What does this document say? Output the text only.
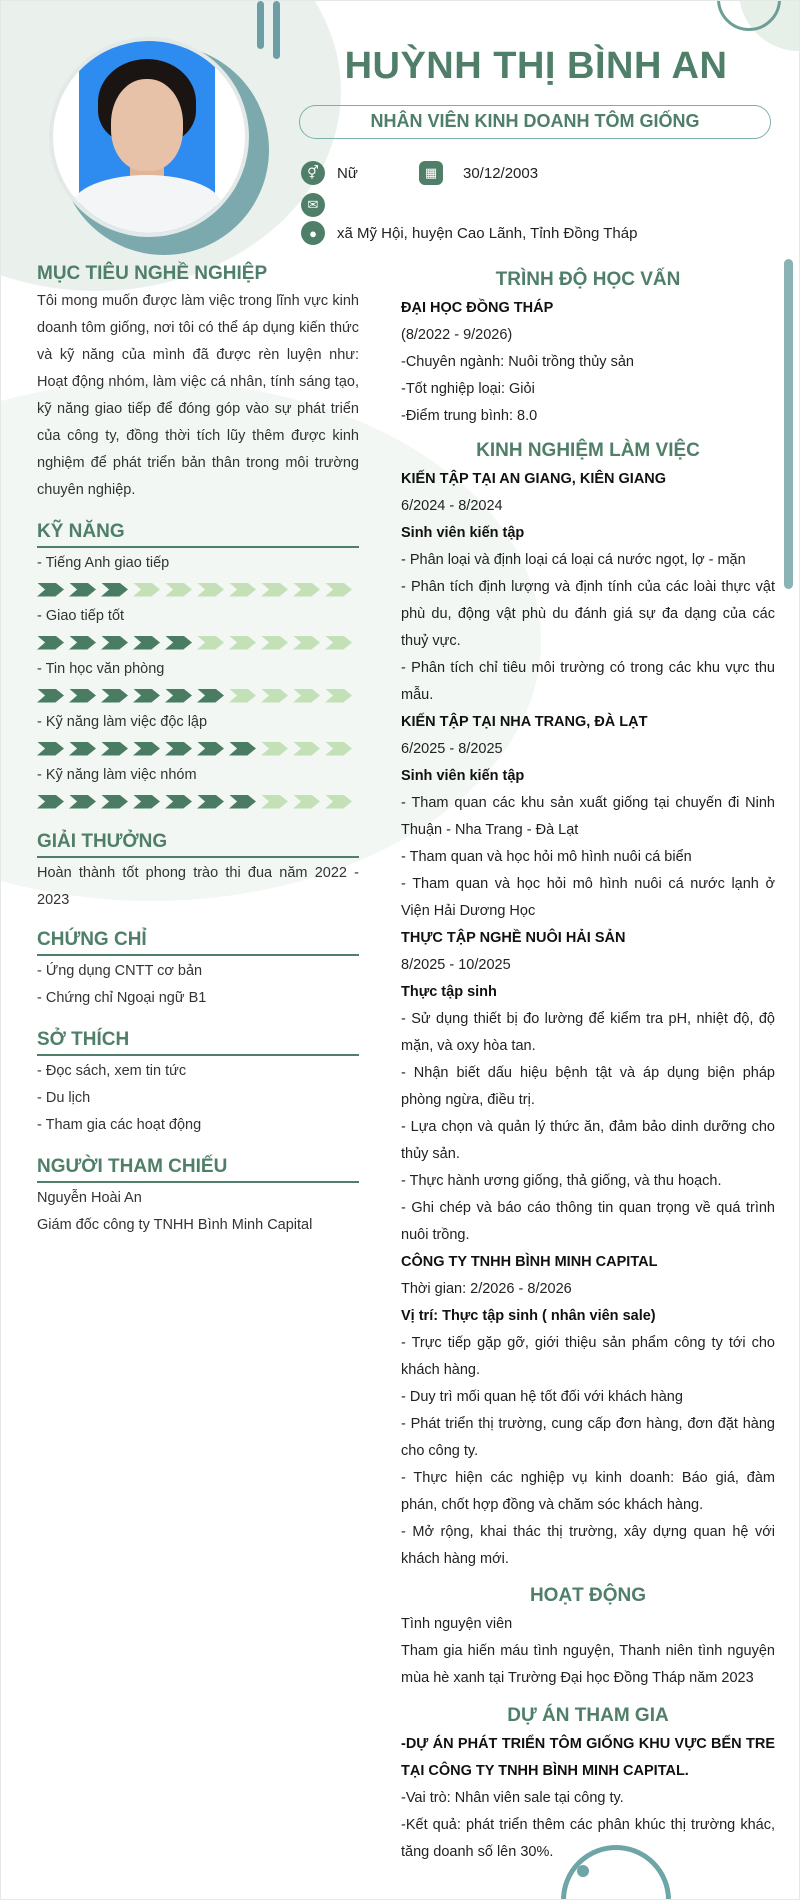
HUỲNH THỊ BÌNH AN
NHÂN VIÊN KINH DOANH TÔM GIỐNG
⚥	Nữ	▦	30/12/2003
✉
●	xã Mỹ Hội, huyện Cao Lãnh, Tỉnh Đồng Tháp
MỤC TIÊU NGHỀ NGHIỆP
Tôi mong muốn được làm việc trong lĩnh vực kinh doanh tôm giống, nơi tôi có thể áp dụng kiến thức và kỹ năng của mình đã được rèn luyện như: Hoạt động nhóm, làm việc cá nhân, tính sáng tạo, kỹ năng giao tiếp để đóng góp vào sự phát triển của công ty, đồng thời tích lũy thêm được kinh nghiệm để phát triển bản thân trong môi trường chuyên nghiệp.
KỸ NĂNG
- Tiếng Anh giao tiếp
- Giao tiếp tốt
- Tin học văn phòng
- Kỹ năng làm việc độc lập
- Kỹ năng làm việc nhóm
GIẢI THƯỞNG
Hoàn thành tốt phong trào thi đua năm 2022 - 2023
CHỨNG CHỈ
- Ứng dụng CNTT cơ bản
- Chứng chỉ Ngoại ngữ B1
SỞ THÍCH
- Đọc sách, xem tin tức
- Du lịch
- Tham gia các hoạt động
NGƯỜI THAM CHIẾU
Nguyễn Hoài An
Giám đốc công ty TNHH Bình Minh Capital
TRÌNH ĐỘ HỌC VẤN
ĐẠI HỌC ĐỒNG THÁP
(8/2022 - 9/2026)
-Chuyên ngành: Nuôi trồng thủy sản
-Tốt nghiệp loại: Giỏi
-Điểm trung bình: 8.0
KINH NGHIỆM LÀM VIỆC
KIẾN TẬP TẠI AN GIANG, KIÊN GIANG
6/2024 - 8/2024
Sinh viên kiến tập
- Phân loại và định loại cá loại cá nước ngọt, lợ - mặn
- Phân tích định lượng và định tính của các loài thực vật phù du, động vật phù du đánh giá sự đa dạng của các thuỷ vực.
- Phân tích chỉ tiêu môi trường có trong các khu vực thu mẫu.
KIẾN TẬP TẠI NHA TRANG, ĐÀ LẠT
6/2025 - 8/2025
Sinh viên kiến tập
- Tham quan các khu sản xuất giống tại chuyến đi Ninh Thuận - Nha Trang - Đà Lạt
- Tham quan và học hỏi mô hình nuôi cá biển
- Tham quan và học hỏi mô hình nuôi cá nước lạnh ở Viện Hải Dương Học
THỰC TẬP NGHỀ NUÔI HẢI SẢN
8/2025 - 10/2025
Thực tập sinh
- Sử dụng thiết bị đo lường để kiểm tra pH, nhiệt độ, độ mặn, và oxy hòa tan.
- Nhận biết dấu hiệu bệnh tật và áp dụng biện pháp phòng ngừa, điều trị.
- Lựa chọn và quản lý thức ăn, đảm bảo dinh dưỡng cho thủy sản.
- Thực hành ương giống, thả giống, và thu hoạch.
- Ghi chép và báo cáo thông tin quan trọng về quá trình nuôi trồng.
CÔNG TY TNHH BÌNH MINH CAPITAL
Thời gian: 2/2026 - 8/2026
Vị trí: Thực tập sinh ( nhân viên sale)
- Trực tiếp gặp gỡ, giới thiệu sản phẩm công ty tới cho khách hàng.
- Duy trì mối quan hệ tốt đối với khách hàng
- Phát triển thị trường, cung cấp đơn hàng, đơn đặt hàng cho công ty.
- Thực hiện các nghiệp vụ kinh doanh: Báo giá, đàm phán, chốt hợp đồng và chăm sóc khách hàng.
- Mở rộng, khai thác thị trường, xây dựng quan hệ với khách hàng mới.
HOẠT ĐỘNG
Tình nguyện viên
Tham gia hiến máu tình nguyện, Thanh niên tình nguyện mùa hè xanh tại Trường Đại học Đồng Tháp năm 2023
DỰ ÁN THAM GIA
-DỰ ÁN PHÁT TRIỂN TÔM GIỐNG KHU VỰC BẾN TRE TẠI CÔNG TY TNHH BÌNH MINH CAPITAL.
-Vai trò: Nhân viên sale tại công ty.
-Kết quả: phát triển thêm các phân khúc thị trường khác, tăng doanh số lên 30%.
